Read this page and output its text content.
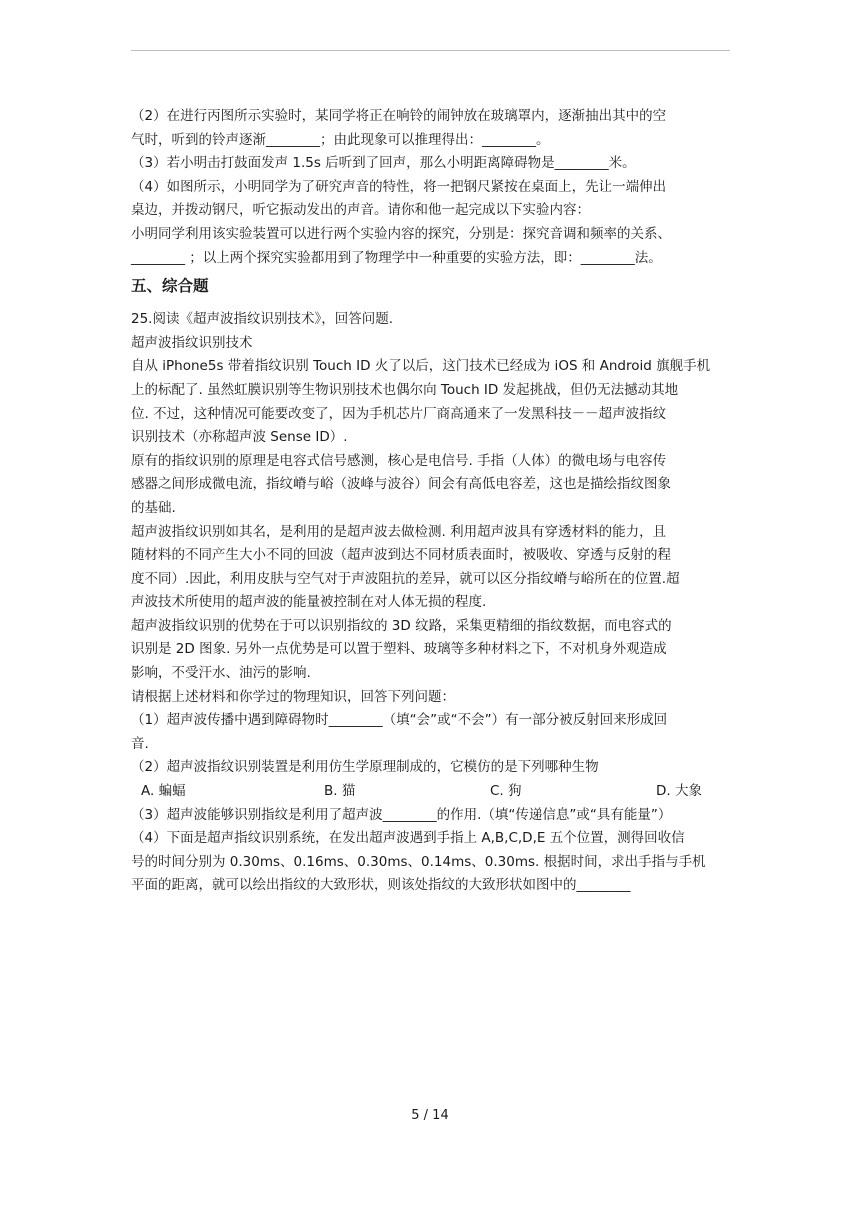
（2）在进行丙图所示实验时，某同学将正在响铃的闹钟放在玻璃罩内，逐渐抽出其中的空

气时，听到的铃声逐渐________；由此现象可以推理得出：________。

（3）若小明击打鼓面发声 1.5s 后听到了回声，那么小明距离障碍物是________米。

（4）如图所示，小明同学为了研究声音的特性，将一把钢尺紧按在桌面上，先让一端伸出

桌边，并拨动钢尺，听它振动发出的声音。请你和他一起完成以下实验内容：

小明同学利用该实验装置可以进行两个实验内容的探究，分别是：探究音调和频率的关系、

________ ；以上两个探究实验都用到了物理学中一种重要的实验方法，即：________法。

五、综合题

25.阅读《超声波指纹识别技术》，回答问题.

超声波指纹识别技术

自从 iPhone5s 带着指纹识别 Touch ID 火了以后，这门技术已经成为 iOS 和 Android 旗舰手机

上的标配了. 虽然虹膜识别等生物识别技术也偶尔向 Touch ID 发起挑战，但仍无法撼动其地

位. 不过，这种情况可能要改变了，因为手机芯片厂商高通来了一发黑科技－－超声波指纹

识别技术（亦称超声波 Sense ID）.

原有的指纹识别的原理是电容式信号感测，核心是电信号. 手指（人体）的微电场与电容传

感器之间形成微电流，指纹嵴与峪（波峰与波谷）间会有高低电容差，这也是描绘指纹图象

的基础.

超声波指纹识别如其名，是利用的是超声波去做检测. 利用超声波具有穿透材料的能力，且

随材料的不同产生大小不同的回波（超声波到达不同材质表面时，被吸收、穿透与反射的程

度不同）.因此，利用皮肤与空气对于声波阻抗的差异，就可以区分指纹嵴与峪所在的位置.超

声波技术所使用的超声波的能量被控制在对人体无损的程度.

超声波指纹识别的优势在于可以识别指纹的 3D 纹路，采集更精细的指纹数据，而电容式的

识别是 2D 图象. 另外一点优势是可以置于塑料、玻璃等多种材料之下，不对机身外观造成

影响，不受汗水、油污的影响.

请根据上述材料和你学过的物理知识，回答下列问题：

（1）超声波传播中遇到障碍物时________（填“会”或“不会”）有一部分被反射回来形成回

音.

（2）超声波指纹识别装置是利用仿生学原理制成的，它模仿的是下列哪种生物

A. 蝙蝠	B. 猫	C. 狗	D. 大象

（3）超声波能够识别指纹是利用了超声波________的作用.（填“传递信息”或“具有能量”）

（4）下面是超声指纹识别系统，在发出超声波遇到手指上 A,B,C,D,E 五个位置，测得回收信

号的时间分别为 0.30ms、0.16ms、0.30ms、0.14ms、0.30ms. 根据时间，求出手指与手机

平面的距离，就可以绘出指纹的大致形状，则该处指纹的大致形状如图中的________

5 / 14
